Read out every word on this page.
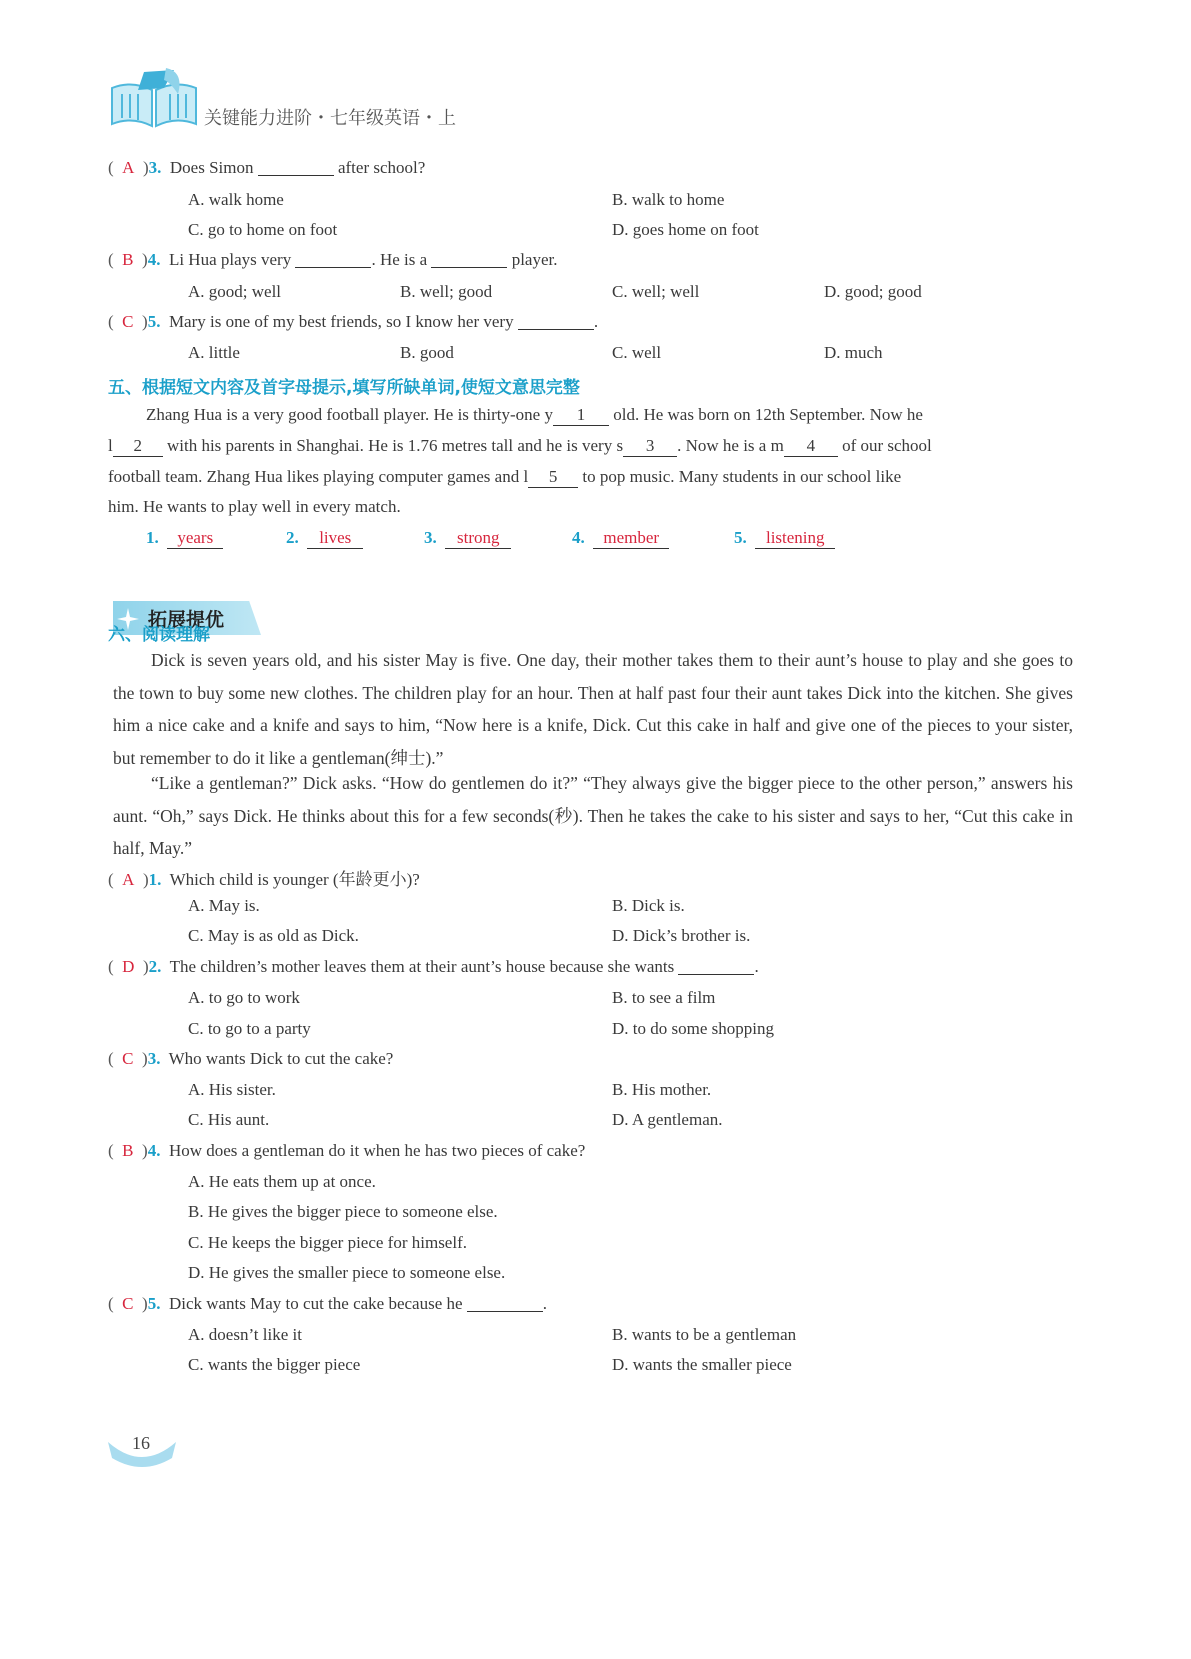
关键能力进阶・七年级英语・上
( A )3. Does Simon	after school?
A. walk home	B. walk to home
C. go to home on foot	D. goes home on foot
( B )4. Li Hua plays very	. He is a	player.
A. good; well	B. well; good	C. well; well	D. good; good
( C )5. Mary is one of my best friends, so I know her very	.
A. little	B. good	C. well	D. much
五、根据短文内容及首字母提示,填写所缺单词,使短文意思完整
Zhang Hua is a very good football player. He is thirty-one y 1 old. He was born on 12th September. Now he
l 2 with his parents in Shanghai. He is 1.76 metres tall and he is very s 3 . Now he is a m 4 of our school
football team. Zhang Hua likes playing computer games and l 5 to pop music. Many students in our school like
him. He wants to play well in every match.
1. years	2. lives	3. strong	4. member	5. listening
拓展提优
六、阅读理解
Dick is seven years old, and his sister May is five. One day, their mother takes them to their aunt’s house to play and she goes to the town to buy some new clothes. The children play for an hour. Then at half past four their aunt takes Dick into the kitchen. She gives him a nice cake and a knife and says to him, “Now here is a knife, Dick. Cut this cake in half and give one of the pieces to your sister, but remember to do it like a gentleman(绅士).”
“Like a gentleman?” Dick asks. “How do gentlemen do it?” “They always give the bigger piece to the other person,” answers his aunt. “Oh,” says Dick. He thinks about this for a few seconds(秒). Then he takes the cake to his sister and says to her, “Cut this cake in half, May.”
( A )1. Which child is younger (年龄更小)?
A. May is.	B. Dick is.
C. May is as old as Dick.	D. Dick’s brother is.
( D )2. The children’s mother leaves them at their aunt’s house because she wants	.
A. to go to work	B. to see a film
C. to go to a party	D. to do some shopping
( C )3. Who wants Dick to cut the cake?
A. His sister.	B. His mother.
C. His aunt.	D. A gentleman.
( B )4. How does a gentleman do it when he has two pieces of cake?
A. He eats them up at once.
B. He gives the bigger piece to someone else.
C. He keeps the bigger piece for himself.
D. He gives the smaller piece to someone else.
( C )5. Dick wants May to cut the cake because he	.
A. doesn’t like it	B. wants to be a gentleman
C. wants the bigger piece	D. wants the smaller piece
16
